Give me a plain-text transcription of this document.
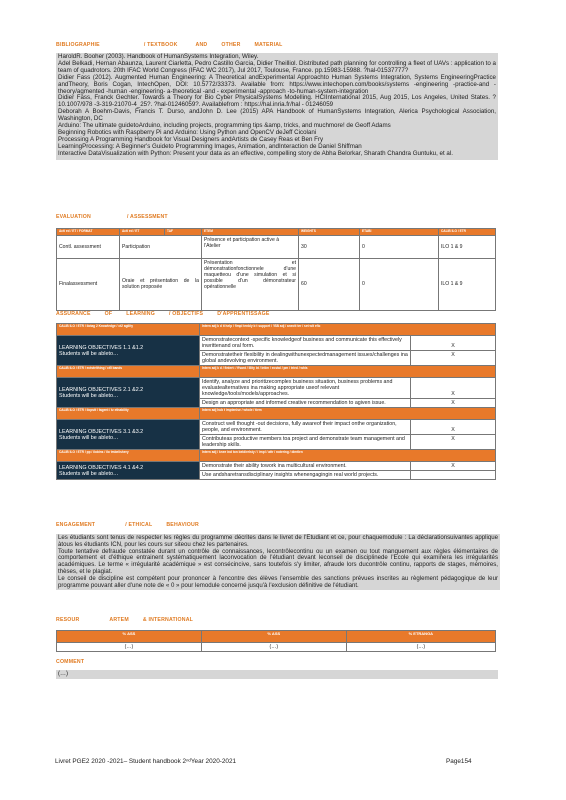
BIBLIOGRAPHIE	/ TEXTBOOK	AND	OTHER	MATERIAL
HaroldR. Booher (2003). Handbook of HumanSystems Integration, Wiley.
Adel Belkadi, Hernan Abaunza, Laurent Ciarletta, Pedro Castillo Garcia, Didier Theilliol. Distributed path planning for controlling a fleet of UAVs : application to a team of quadrotors. 20th IFAC World Congress (IFAC WC 2017), Jul 2017, Toulouse, France. pp.15983-15988. ?hal-01537777?
Didier Fass (2012). Augmented Human Engineering: A Theoretical andExperimental Approachto Human Systems Integration, Systems EngineeringPractice andTheory, Boris Cogan, IntechOpen, DOI: 10.5772/33373. Available from: https://www.intechopen.com/books/systems -engineering -practice-and -theory/agmented -human -engineering- a-theoretical -and - experimental -approach -to-human-system-integration
Didier Fass, Franck Gechter. Towards a Theory for Bio Cyber PhysicalSystems Modelling. HCIInternational 2015, Aug 2015, Los Angeles, United States. ?10.1007/978 -3-319-21070-4_25?. ?hal-01246059?. Availablefrom : https://hal.inria.fr/hal - 01246059
Deborah A Boehm-Davis, Francis T. Durso, andJohn D. Lee (2015) APA Handbook of HumanSystems Integration, Alerica Psychological Association, Washington, DC
Arduino: The ultimate guidetoArduino, including projects, programming tips &amp, tricks, and muchmore! de Geoff Adams
Beginning Robotics with Raspberry Pi and Arduino: Using Python and OpenCV deJeff Cicolani
Processing A Programming Handbook for Visual Designers andArtists de Casey Reas et Ben Fry
LearningProcessing: A Beginner's Guideto Programming Images, Animation, andInteraction de Daniel Shiffman
Interactive DataVisualization with Python: Present your data as an effective, compelling story de Abha Belorkar, Sharath Chandra Guntuku, et al.
EVALUATION	/ ASSESSMENT
Acti ed / ET / FORMAT	Acti ed / ET	TAF	ETEM	WEIGHTS	ETABI	CALIB ILO / ETR
Contl. assessment	Participation		Présence et participation active à l'Atelier	30	0	ILO 1 & 9
Finalassessment	Oraie et présentation de la solution proposée		Présentation et démonstrationfonctionnele d'une maquetteou d'une simulation et si possible d'un démonstrateur opérationnelle	60	0	ILO 1 & 9
ASSURANCE	OF	LEARNING	/ OBJECTIFS	D'APPRENTISSAGE
CALIB ILO / ETR / ilotag 2 Knowledge / ct2 agility	Intern adj k d it help / fimpl tenbly b t support / 'ISB adj / anectt ter / set wlt efic	

LEARNING OBJECTIVES 1.1 &1.2
Students will be ableto…	Demonstratecontext -specific knowledgeof business and communicate this effectively inwrittenand oral form.	X
	Demonstratetheir flexibility in dealingwithunexpectedmanagement issues/challenges ina global andevolving environment.	X
CALIB ILO / ETR / ectstelthing / ct5 bands	Intern adj k d / fintert: / ffsant / Illity bt / Intim / ecstal / pm / tried / whis	

LEARNING OBJECTIVES 2.1 &2.2
Students will be ableto…	Identify, analyze and prioritizecomplex business situation, business problems and evaluatealternatives ina making appropriate useof relevant knowledge/tools/models/approaches.	X
	Design an appropriate and informed creative recommendation to agiven issue.	X
CALIB ILO / ETR / ilopstt / tagent / tz ethability	Intern adj hub t imptenlse / whole / tiem	

LEARNING OBJECTIVES 3.1 &3.2
Students will be ableto…	Construct well thought -out decisions, fully awareof their impact onthe organization, people, and environment.	X
	Contributeas productive members toa project and demonstrate team management and leadership skills.	X
CALIB ILO / ETR / pp / ilobins / ilo tmbelishery	Intern adj / knee ind ton beldirelsty / / impl / attr / notering / dimtlen	

LEARNING OBJECTIVES 4.1 &4.2
Students will be ableto…	Demonstrate their ability towork ina multicultural environment.	X
	Use andsharetransdisciplinary insights whenengagingin real world projects.	
ENGAGEMENT	/ ETHICAL	BEHAVIOUR
Les étudiants sont tenus de respecter les règles du programme décrites dans le livret de l'Etudiant et ce, pour chaquemodule : La déclarationsuivantes applique àtous les étudiants ICN, pour les cours sur siteou chez les partenaires.
Toute tentative defraude constatée durant un contrôle de connaissances, lecontrôlecontinu ou un examen ou tout manquement aux règles élémentaires de comportement et d'éthique entrainent systématiquement laconvocation de l'étudiant devant leconseil de disciplinede l'Ecole qui examinera les irrégularités académiques. Le terme « irrégularité académique » est consécincive, sans toutefois s'y limiter, afraude lors ducontrôle continu, rapports de stages, mémoires, thèses, et le plagiat.
Le conseil de discipline est compétent pour prononcer à l'encontre des élèves l'ensemble des sanctions prévues inscrites au règlement pédagogique de leur programme pouvant aller d'une note de « 0 » pour lemodule concerné jusqu'à l'exclusion définitive de l'étudiant.
RESOUR	ARTEM	& INTERNATIONAL
% ASS	% ASS	% ETRANGA
(…)	(…)	(…)
COMMENT
(…)
Livret PGE2 2020 -2021– Student handbook 2ⁿᵈYear 2020-2021	Page154
